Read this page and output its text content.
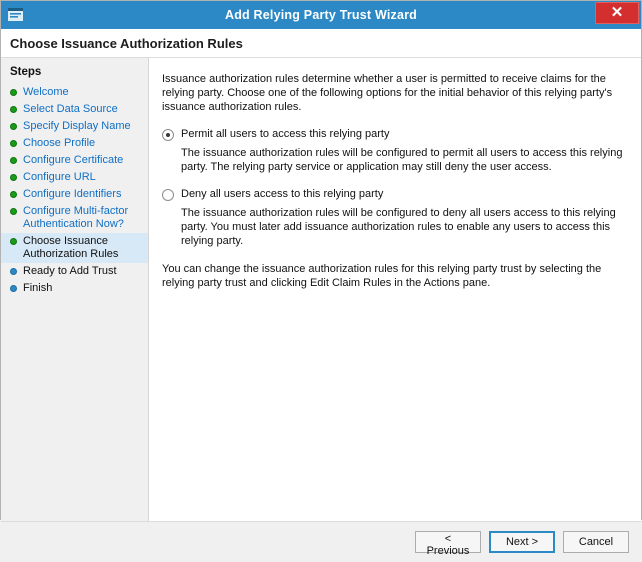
Add Relying Party Trust Wizard	✕
Choose Issuance Authorization Rules
Steps
Welcome
Select Data Source
Specify Display Name
Choose Profile
Configure Certificate
Configure URL
Configure Identifiers
Configure Multi-factor Authentication Now?
Choose Issuance Authorization Rules
Ready to Add Trust
Finish
Issuance authorization rules determine whether a user is permitted to receive claims for the relying party. Choose one of the following options for the initial behavior of this relying party's issuance authorization rules.
Permit all users to access this relying party
The issuance authorization rules will be configured to permit all users to access this relying party. The relying party service or application may still deny the user access.
Deny all users access to this relying party
The issuance authorization rules will be configured to deny all users access to this relying party. You must later add issuance authorization rules to enable any users to access this relying party.
You can change the issuance authorization rules for this relying party trust by selecting the relying party trust and clicking Edit Claim Rules in the Actions pane.
< Previous
Next >	Cancel
